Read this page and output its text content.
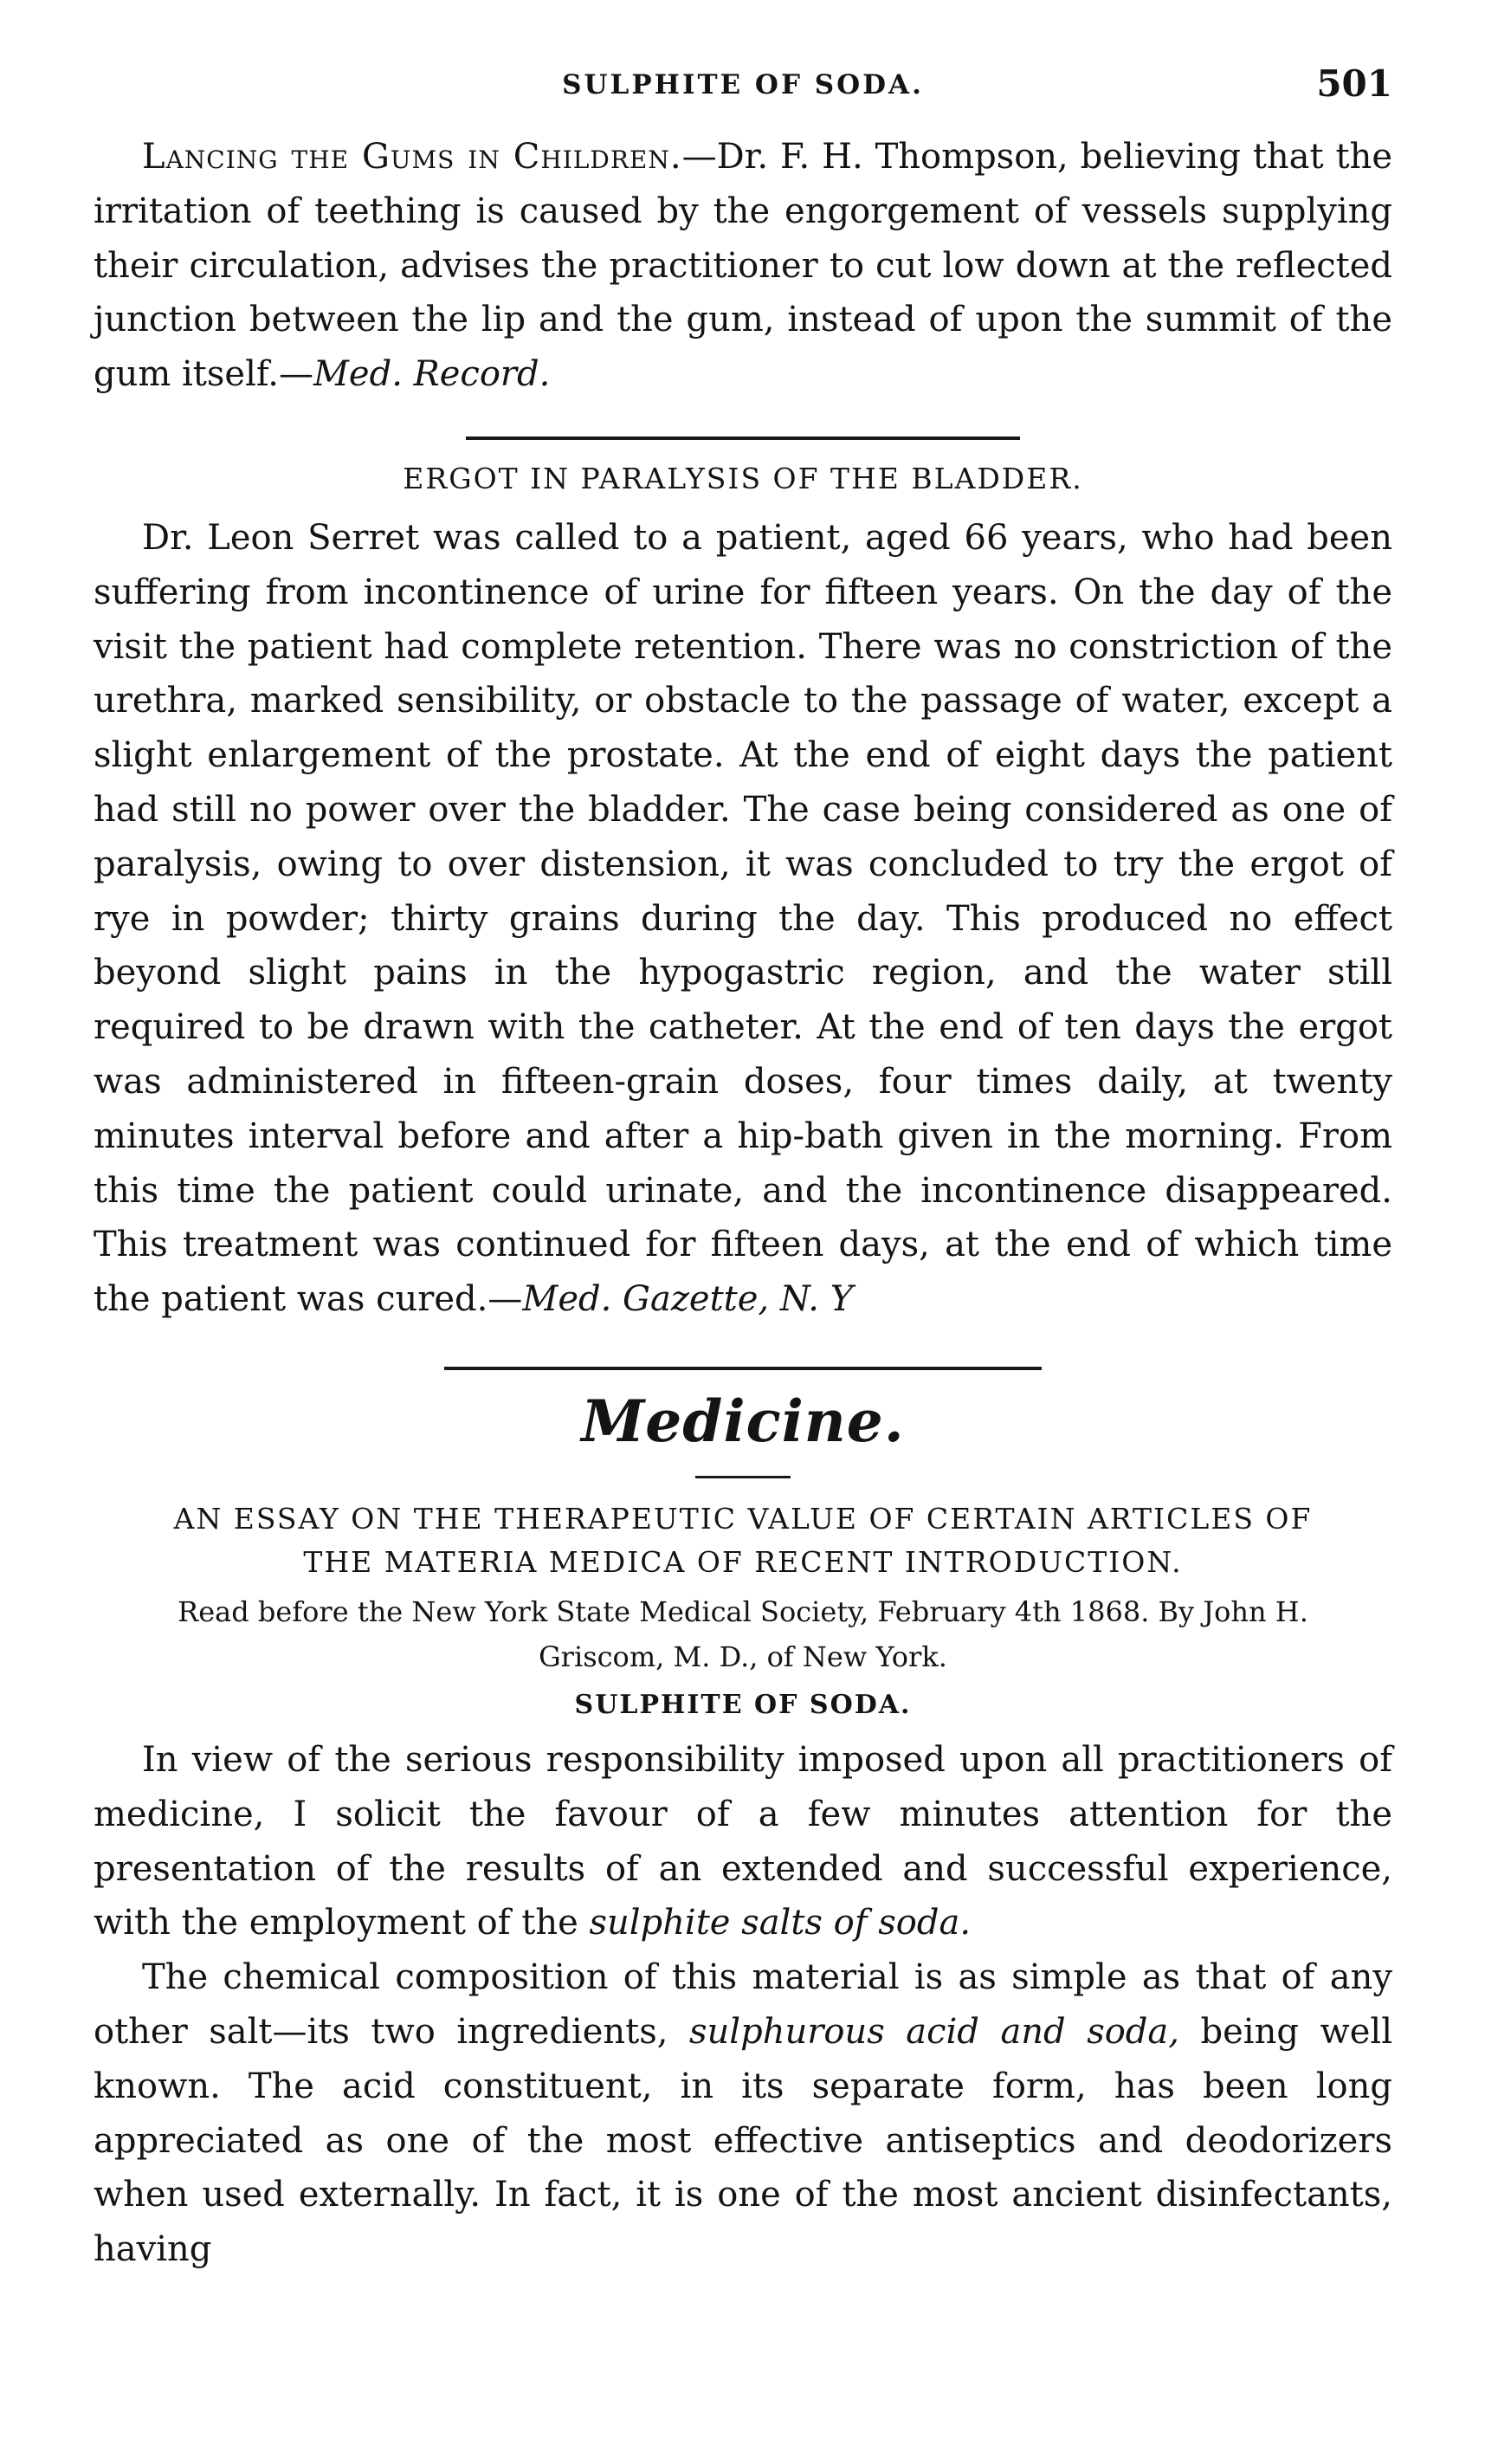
SULPHITE OF SODA.	501

Lancing the Gums in Children.—Dr. F. H. Thompson, believing that the irritation of teething is caused by the engorgement of vessels supplying their circulation, advises the practitioner to cut low down at the reflected junction between the lip and the gum, instead of upon the summit of the gum itself.—Med. Record.

ERGOT IN PARALYSIS OF THE BLADDER.

Dr. Leon Serret was called to a patient, aged 66 years, who had been suffering from incontinence of urine for fifteen years. On the day of the visit the patient had complete retention. There was no constriction of the urethra, marked sensibility, or obstacle to the passage of water, except a slight enlargement of the prostate. At the end of eight days the patient had still no power over the bladder. The case being considered as one of paralysis, owing to over distension, it was concluded to try the ergot of rye in powder; thirty grains during the day. This produced no effect beyond slight pains in the hypogastric region, and the water still required to be drawn with the catheter. At the end of ten days the ergot was administered in fifteen-grain doses, four times daily, at twenty minutes interval before and after a hip-bath given in the morning. From this time the patient could urinate, and the incontinence disappeared. This treatment was continued for fifteen days, at the end of which time the patient was cured.—Med. Gazette, N. Y

Medicine.
AN ESSAY ON THE THERAPEUTIC VALUE OF CERTAIN ARTICLES OF
THE MATERIA MEDICA OF RECENT INTRODUCTION.
Read before the New York State Medical Society, February 4th 1868. By John H.
Griscom, M. D., of New York.
SULPHITE OF SODA.

In view of the serious responsibility imposed upon all practitioners of medicine, I solicit the favour of a few minutes attention for the presentation of the results of an extended and successful experience, with the employment of the sulphite salts of soda.

The chemical composition of this material is as simple as that of any other salt—its two ingredients, sulphurous acid and soda, being well known. The acid constituent, in its separate form, has been long appreciated as one of the most effective antiseptics and deodorizers when used externally. In fact, it is one of the most ancient disinfectants, having
